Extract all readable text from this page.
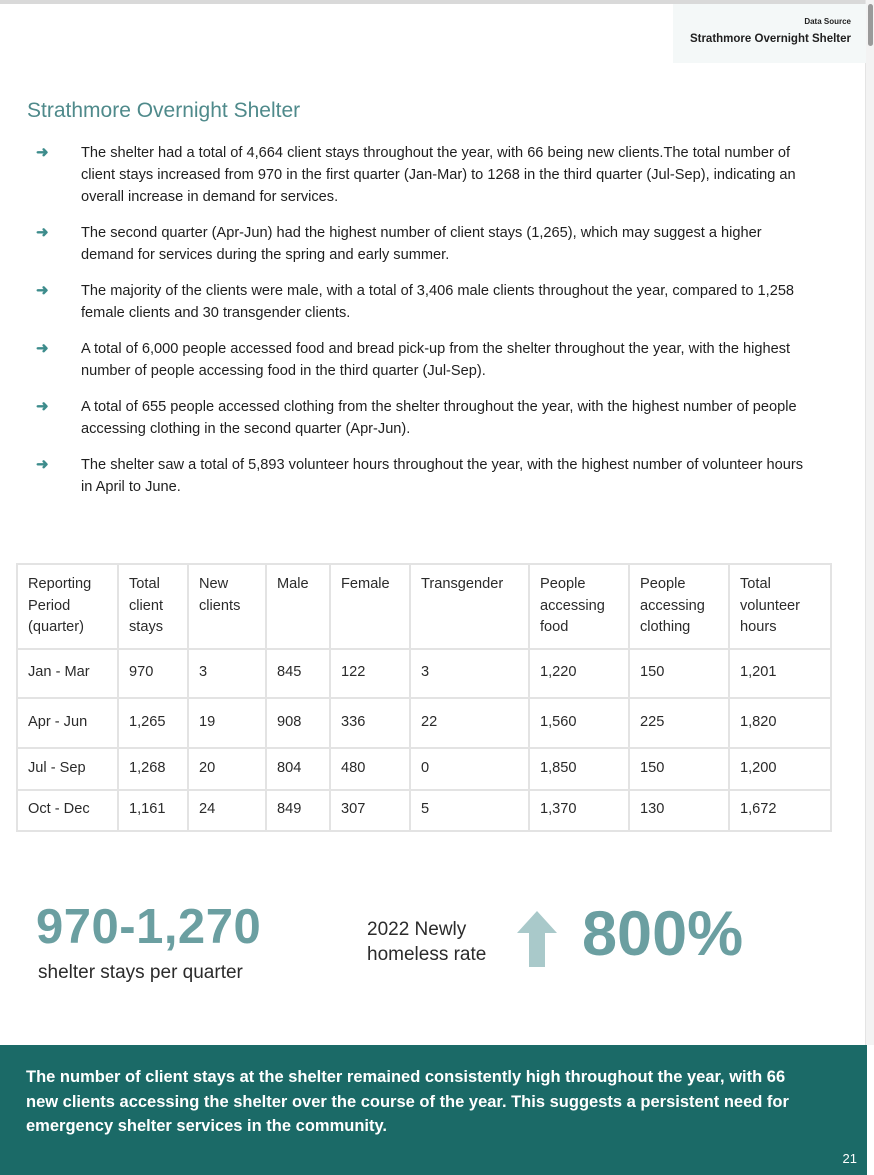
Data Source
Strathmore Overnight Shelter
Strathmore Overnight Shelter
➜ The shelter had a total of 4,664 client stays throughout the year, with 66 being new clients.The total number of client stays increased from 970 in the first quarter (Jan-Mar) to 1268 in the third quarter (Jul-Sep), indicating an overall increase in demand for services.
➜ The second quarter (Apr-Jun) had the highest number of client stays (1,265), which may suggest a higher demand for services during the spring and early summer.
➜ The majority of the clients were male, with a total of 3,406 male clients throughout the year, compared to 1,258 female clients and 30 transgender clients.
➜ A total of 6,000 people accessed food and bread pick-up from the shelter throughout the year, with the highest number of people accessing food in the third quarter (Jul-Sep).
➜ A total of 655 people accessed clothing from the shelter throughout the year, with the highest number of people accessing clothing in the second quarter (Apr-Jun).
➜ The shelter saw a total of 5,893 volunteer hours throughout the year, with the highest number of volunteer hours in April to June.
Reporting Period (quarter)	Total client stays	New clients	Male	Female	Transgender	People accessing food	People accessing clothing	Total volunteer hours
Jan - Mar	970	3	845	122	3	1,220	150	1,201
Apr - Jun	1,265	19	908	336	22	1,560	225	1,820
Jul - Sep	1,268	20	804	480	0	1,850	150	1,200
Oct - Dec	1,161	24	849	307	5	1,370	130	1,672
970-1,270
shelter stays per quarter
2022 Newly
homeless rate 800%

The number of client stays at the shelter remained consistently high throughout the year, with 66 new clients accessing the shelter over the course of the year. This suggests a persistent need for emergency shelter services in the community.

21
